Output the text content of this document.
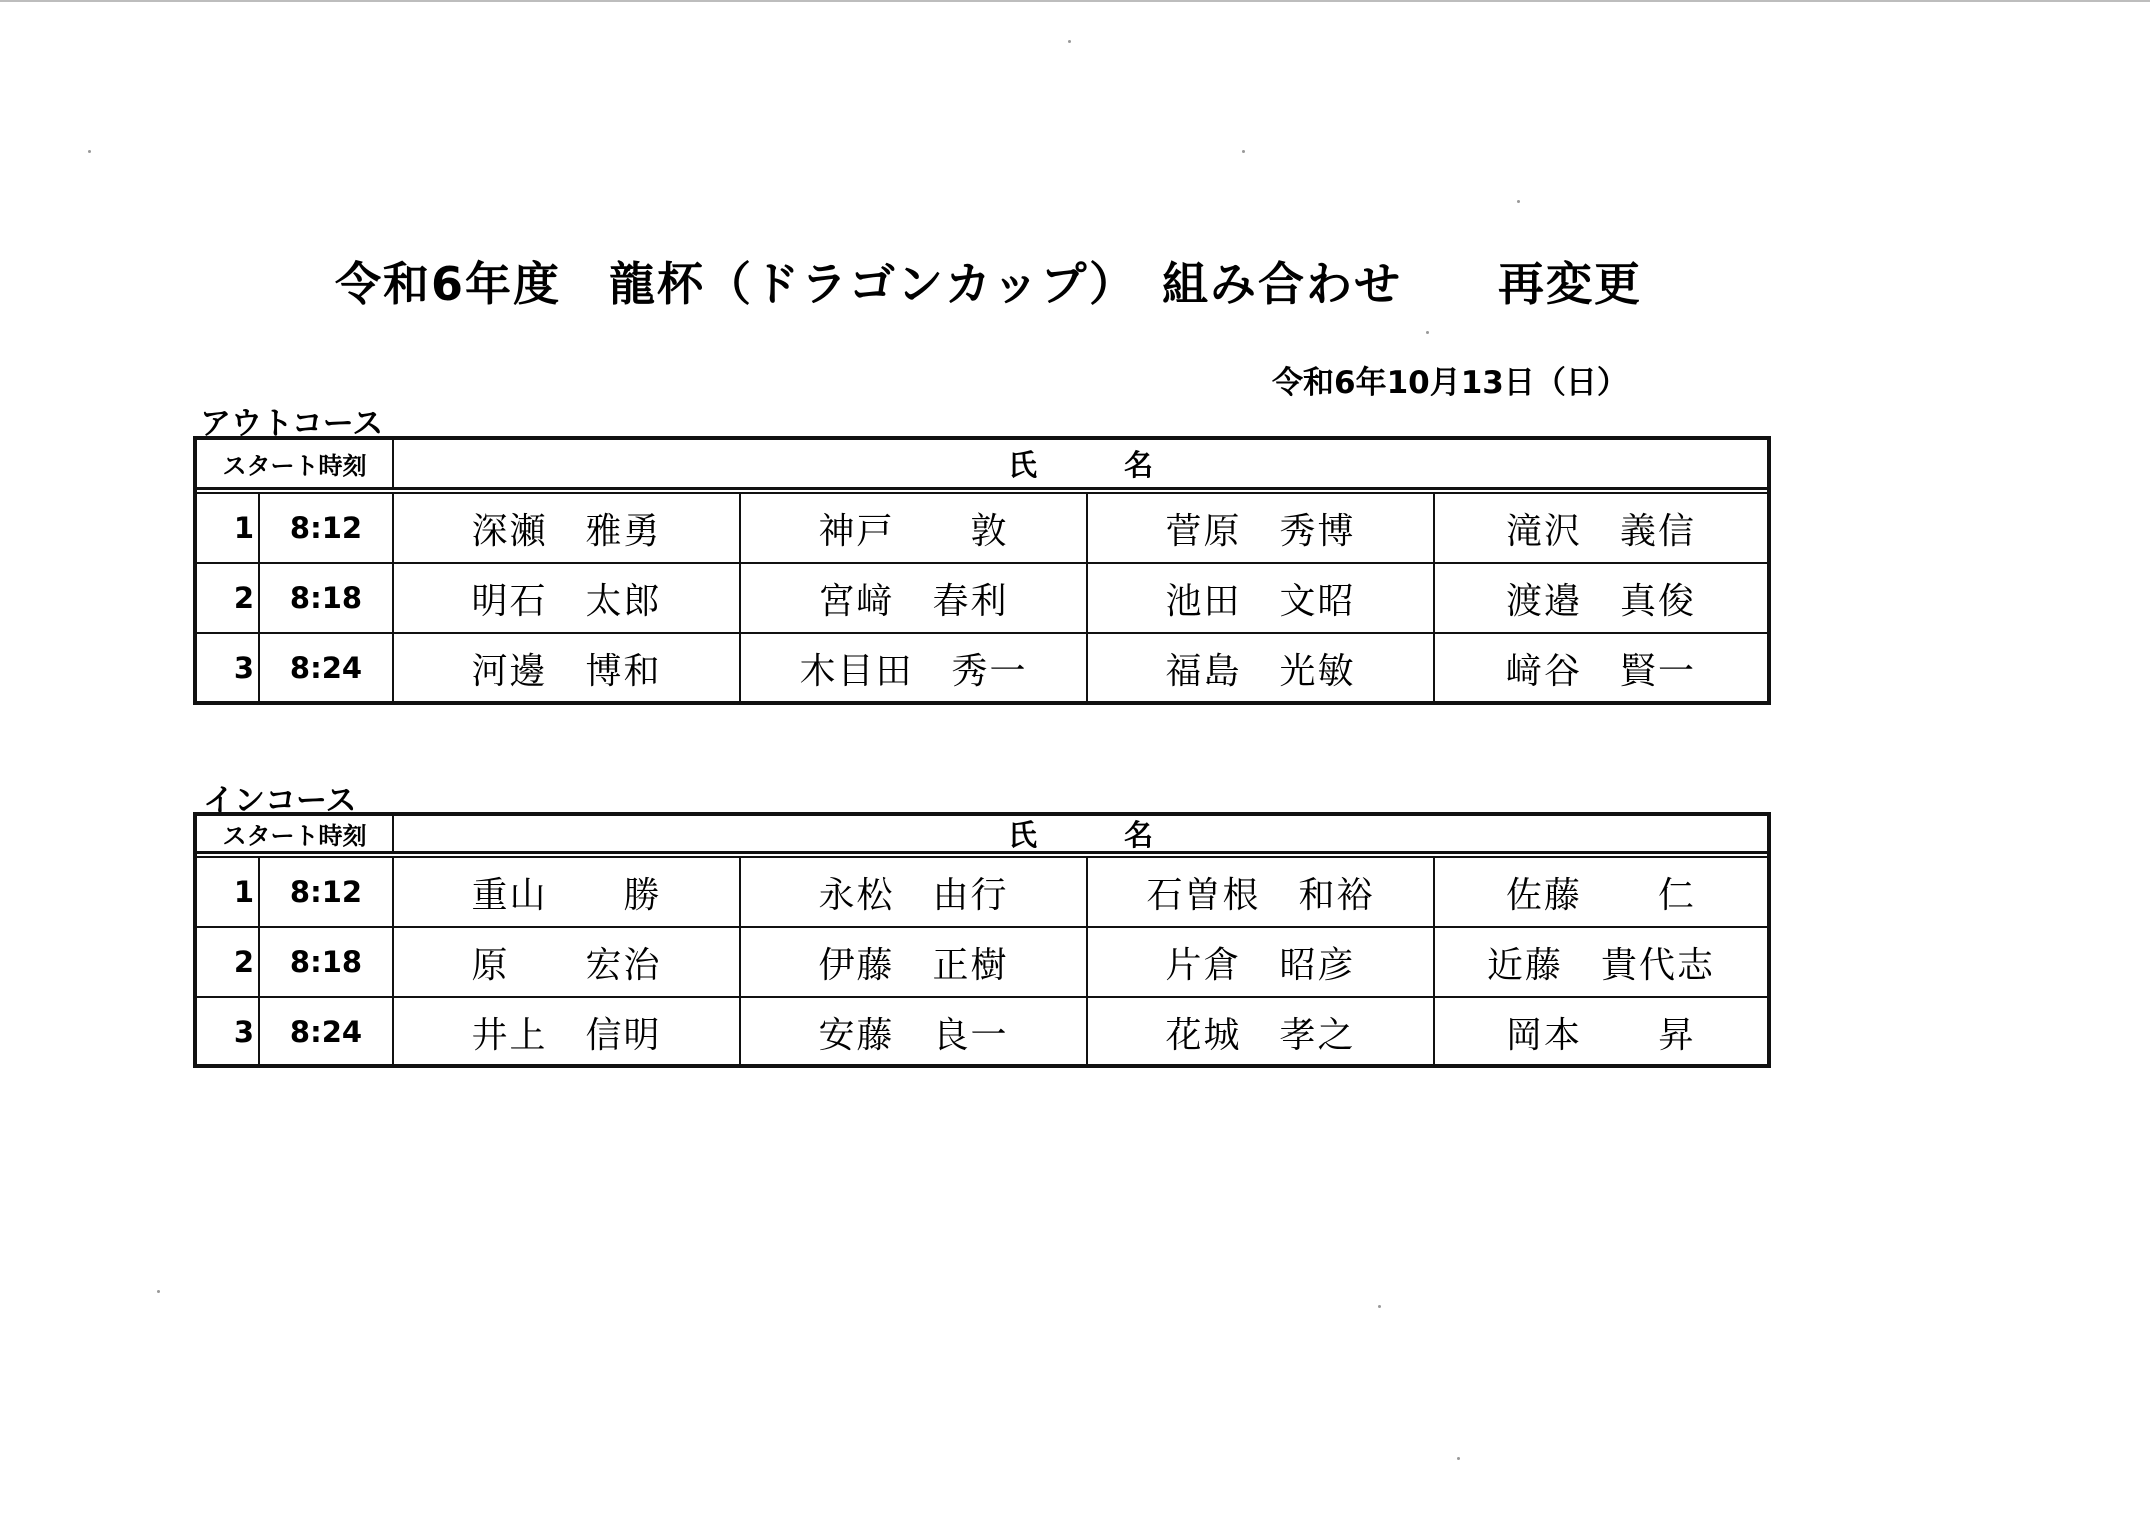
令和6年度　龍杯（ドラゴンカップ）　組み合わせ　　再変更
令和6年10月13日（日）
アウトコース
スタート時刻	氏　　　名
1	8:12	深瀬　雅勇	神戸　　敦	菅原　秀博	滝沢　義信
2	8:18	明石　太郎	宮﨑　春利	池田　文昭	渡邉　真俊
3	8:24	河邊　博和	木目田　秀一	福島　光敏	﨑谷　賢一
インコース
スタート時刻	氏　　　名
1	8:12	重山　　勝	永松　由行	石曽根　和裕	佐藤　　仁
2	8:18	原　　宏治	伊藤　正樹	片倉　昭彦	近藤　貴代志
3	8:24	井上　信明	安藤　良一	花城　孝之	岡本　　昇
